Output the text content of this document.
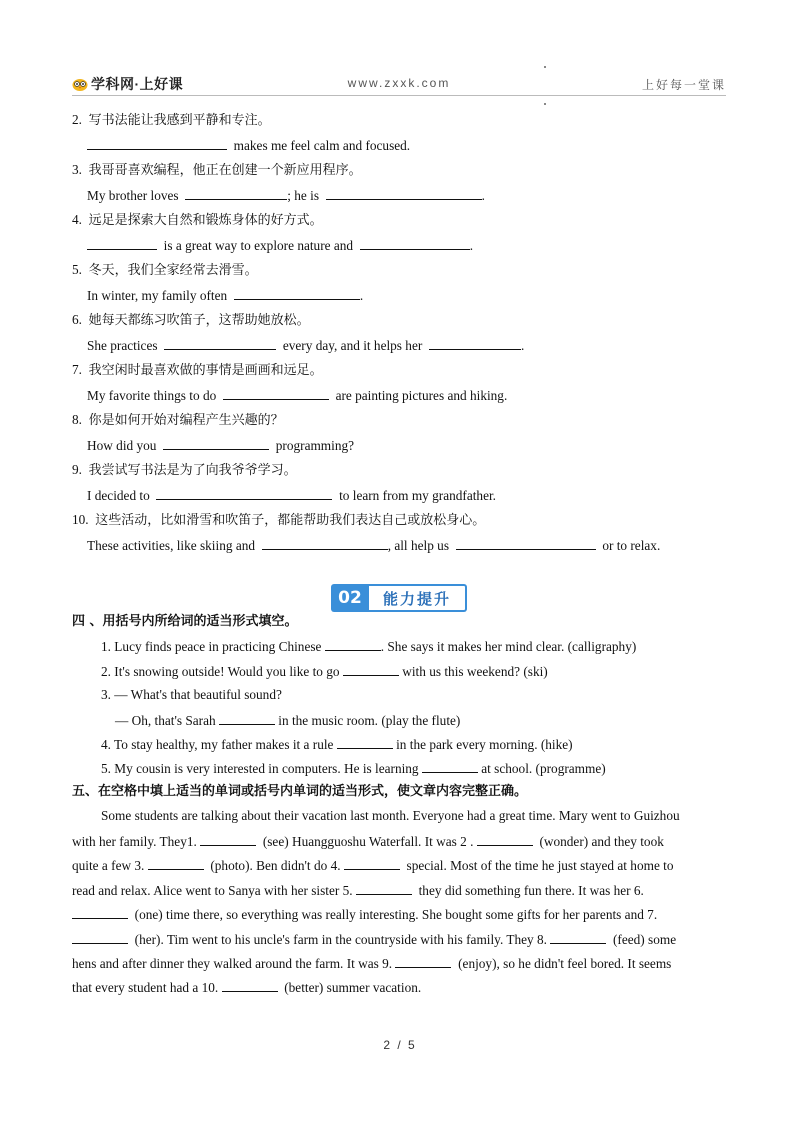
学科网·上好课	www.zxxk.com	上好每一堂课
2. 写书法能让我感到平静和专注。
makes me feel calm and focused.
3. 我哥哥喜欢编程，他正在创建一个新应用程序。
My brother loves	; he is	.
4. 远足是探索大自然和锻炼身体的好方式。
is a great way to explore nature and	.
5. 冬天，我们全家经常去滑雪。
In winter, my family often	.
6. 她每天都练习吹笛子，这帮助她放松。
She practices	every day, and it helps her	.
7. 我空闲时最喜欢做的事情是画画和远足。
My favorite things to do	are painting pictures and hiking.
8. 你是如何开始对编程产生兴趣的？
How did you	programming?
9. 我尝试写书法是为了向我爷爷学习。
I decided to	to learn from my grandfather.
10. 这些活动，比如滑雪和吹笛子，都能帮助我们表达自己或放松身心。
These activities, like skiing and	, all help us	or to relax.
02	能力提升
四 、用括号内所给词的适当形式填空。
1. Lucy finds peace in practicing Chinese	. She says it makes her mind clear. (calligraphy)
2. It's snowing outside! Would you like to go	with us this weekend? (ski)
3. — What's that beautiful sound?
— Oh, that's Sarah	in the music room. (play the flute)
4. To stay healthy, my father makes it a rule	in the park every morning. (hike)
5. My cousin is very interested in computers. He is learning	at school. (programme)
五、在空格中填上适当的单词或括号内单词的适当形式，使文章内容完整正确。
Some students are talking about their vacation last month. Everyone had a great time. Mary went to Guizhou
with her family. They1.	(see) Huangguoshu Waterfall. It was 2 .	(wonder) and they took
quite a few 3.	(photo). Ben didn't do 4.	special. Most of the time he just stayed at home to
read and relax. Alice went to Sanya with her sister 5.	they did something fun there. It was her 6.
(one) time there, so everything was really interesting. She bought some gifts for her parents and 7.
(her). Tim went to his uncle's farm in the countryside with his family. They 8.	(feed) some
hens and after dinner they walked around the farm. It was 9.	(enjoy), so he didn't feel bored. It seems
that every student had a 10.	(better) summer vacation.
2 / 5
